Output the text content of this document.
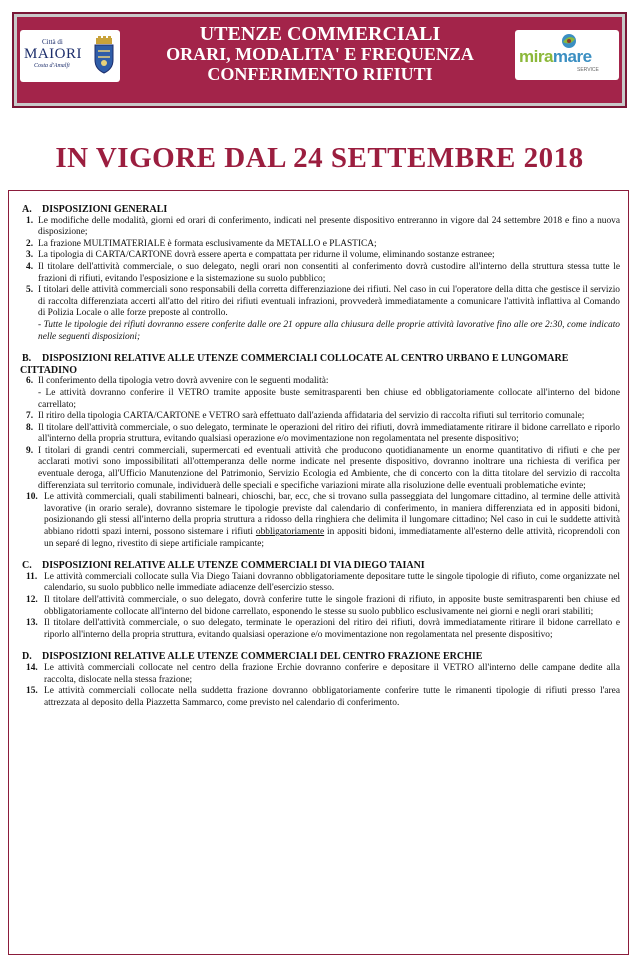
Città di
MAIORI
Costa d'Amalfi	miramare
SERVICE
UTENZE COMMERCIALI
ORARI, MODALITA' E FREQUENZA
CONFERIMENTO RIFIUTI
IN VIGORE DAL 24 SETTEMBRE 2018

A. DISPOSIZIONI GENERALI

1. Le modifiche delle modalità, giorni ed orari di conferimento, indicati nel presente dispositivo entreranno in vigore dal 24 settembre 2018 e fino a nuova disposizione;

2. La frazione MULTIMATERIALE è formata esclusivamente da METALLO e PLASTICA;

3. La tipologia di CARTA/CARTONE dovrà essere aperta e compattata per ridurne il volume, eliminando sostanze estranee;

4. Il titolare dell'attività commerciale, o suo delegato, negli orari non consentiti al conferimento dovrà custodire all'interno della struttura stessa tutte le frazioni di rifiuti, evitando l'esposizione e la sistemazione su suolo pubblico;

5. I titolari delle attività commerciali sono responsabili della corretta differenziazione dei rifiuti. Nel caso in cui l'operatore della ditta che gestisce il servizio di raccolta differenziata accerti all'atto del ritiro dei rifiuti eventuali infrazioni, provvederà immediatamente a comunicare l'attività inflattiva al Comando di Polizia Locale o alle forze preposte al controllo.

- Tutte le tipologie dei rifiuti dovranno essere conferite dalle ore 21 oppure alla chiusura delle proprie attività lavorative fino alle ore 2:30, come indicato nelle seguenti disposizioni;

B. DISPOSIZIONI RELATIVE ALLE UTENZE COMMERCIALI COLLOCATE AL CENTRO URBANO E LUNGOMARE CITTADINO

6. Il conferimento della tipologia vetro dovrà avvenire con le seguenti modalità:

- Le attività dovranno conferire il VETRO tramite apposite buste semitrasparenti ben chiuse ed obbligatoriamente collocate all'interno del bidone carrellato;

7. Il ritiro della tipologia CARTA/CARTONE e VETRO sarà effettuato dall'azienda affidataria del servizio di raccolta rifiuti sul territorio comunale;

8. Il titolare dell'attività commerciale, o suo delegato, terminate le operazioni del ritiro dei rifiuti, dovrà immediatamente ritirare il bidone carrellato e riporlo all'interno della propria struttura, evitando qualsiasi operazione e/o movimentazione non regolamentata nel presente dispositivo;

9. I titolari di grandi centri commerciali, supermercati ed eventuali attività che producono quotidianamente un enorme quantitativo di rifiuti e che per acclarati motivi sono impossibilitati all'ottemperanza delle norme indicate nel presente dispositivo, dovranno inoltrare una richiesta di verifica per eventuale deroga, all'Ufficio Manutenzione del Patrimonio, Servizio Ecologia ed Ambiente, che di concerto con la ditta titolare del servizio di raccolta differenziata sul territorio comunale, individuerà delle speciali e specifiche variazioni mirate alla risoluzione delle eventuali problematiche evinte;

10. Le attività commerciali, quali stabilimenti balneari, chioschi, bar, ecc, che si trovano sulla passeggiata del lungomare cittadino, al termine delle attività lavorative (in orario serale), dovranno sistemare le tipologie previste dal calendario di conferimento, in maniera differenziata ed in appositi bidoni, posizionando gli stessi all'interno della propria struttura a ridosso della ringhiera che delimita il lungomare cittadino; Nel caso in cui le suddette attività abbiano ridotti spazi interni, possono sistemare i rifiuti obbligatoriamente in appositi bidoni, immediatamente all'esterno delle attività, ricoprendoli con un separé di legno, rivestito di siepe artificiale rampicante;

C. DISPOSIZIONI RELATIVE ALLE UTENZE COMMERCIALI DI VIA DIEGO TAIANI

11. Le attività commerciali collocate sulla Via Diego Taiani dovranno obbligatoriamente depositare tutte le singole tipologie di rifiuto, come organizzate nel calendario, su suolo pubblico nelle immediate adiacenze dell'esercizio stesso.

12. Il titolare dell'attività commerciale, o suo delegato, dovrà conferire tutte le singole frazioni di rifiuto, in apposite buste semitrasparenti ben chiuse ed obbligatoriamente collocate all'interno del bidone carrellato, esponendo le stesse su suolo pubblico esclusivamente nei giorni e negli orari stabiliti;

13. Il titolare dell'attività commerciale, o suo delegato, terminate le operazioni del ritiro dei rifiuti, dovrà immediatamente ritirare il bidone carrellato e riporlo all'interno della propria struttura, evitando qualsiasi operazione e/o movimentazione non regolamentata nel presente dispositivo;

D. DISPOSIZIONI RELATIVE ALLE UTENZE COMMERCIALI DEL CENTRO FRAZIONE ERCHIE

14. Le attività commerciali collocate nel centro della frazione Erchie dovranno conferire e depositare il VETRO all'interno delle campane dedite alla raccolta, dislocate nella stessa frazione;

15. Le attività commerciali collocate nella suddetta frazione dovranno obbligatoriamente conferire tutte le rimanenti tipologie di rifiuti presso l'area attrezzata al deposito della Piazzetta Sammarco, come previsto nel calendario di conferimento.
